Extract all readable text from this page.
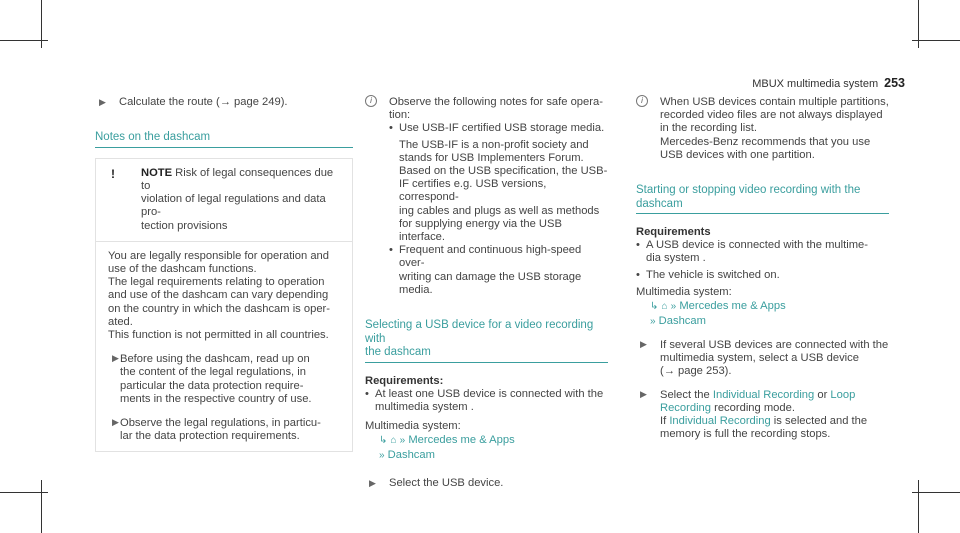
MBUX multimedia system 253

▶ Calculate the route (→ page 249).

Notes on the dashcam
! NOTE Risk of legal consequences due to

violation of legal regulations and data pro-

tection provisions

You are legally responsible for operation and

use of the dashcam functions.

The legal requirements relating to operation

and use of the dashcam can vary depending

on the country in which the dashcam is oper-

ated.

This function is not permitted in all countries.

▶ Before using the dashcam, read up on

the content of the legal regulations, in

particular the data protection require-

ments in the respective country of use.

▶ Observe the legal regulations, in particu-

lar the data protection requirements.

i	Observe the following notes for safe opera-

tion:

• Use USB-IF certified USB storage media.

The USB-IF is a non-profit society and

stands for USB Implementers Forum.

Based on the USB specification, the USB-

IF certifies e.g. USB versions, correspond-

ing cables and plugs as well as methods

for supplying energy via the USB interface.

• Frequent and continuous high-speed over-

writing can damage the USB storage

media.

Selecting a USB device for a video recording with
the dashcam

Requirements:

• At least one USB device is connected with the

multimedia system .

Multimedia system:

↳ ⌂ » Mercedes me & Apps
» Dashcam

▶ Select the USB device.

i	When USB devices contain multiple partitions,

recorded video files are not always displayed

in the recording list.

Mercedes-Benz recommends that you use

USB devices with one partition.

Starting or stopping video recording with the
dashcam

Requirements

• A USB device is connected with the multime-

dia system .

• The vehicle is switched on.

Multimedia system:

↳ ⌂ » Mercedes me & Apps
» Dashcam
▶ If several USB devices are connected with the

multimedia system, select a USB device

(→ page 253).

▶ Select the Individual Recording or Loop

Recording recording mode.

If Individual Recording is selected and the

memory is full the recording stops.
